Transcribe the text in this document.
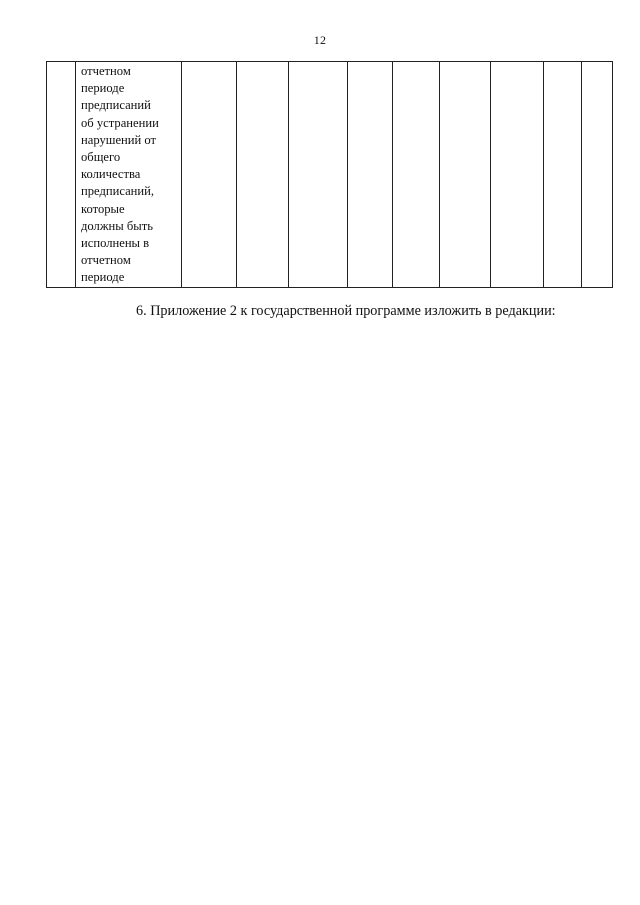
12

отчетном
периоде
предписаний
об устранении
нарушений от
общего
количества
предписаний,
которые
должны быть
исполнены в
отчетном
периоде

6. Приложение 2 к государственной программе изложить в редакции:
